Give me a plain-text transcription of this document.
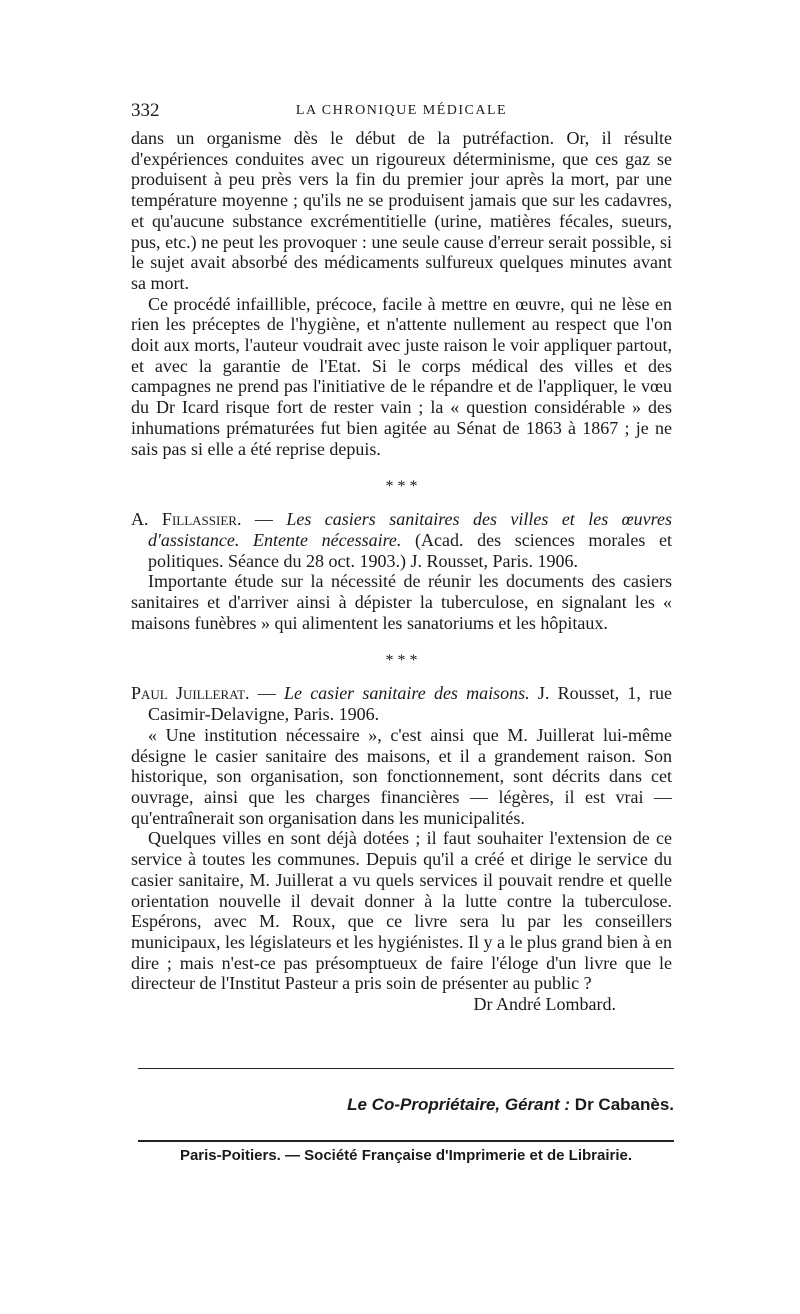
332	LA CHRONIQUE MÉDICALE

dans un organisme dès le début de la putréfaction. Or, il résulte d'expériences conduites avec un rigoureux déterminisme, que ces gaz se produisent à peu près vers la fin du premier jour après la mort, par une température moyenne ; qu'ils ne se produisent jamais que sur les cadavres, et qu'aucune substance excrémentitielle (urine, matières fécales, sueurs, pus, etc.) ne peut les provoquer : une seule cause d'erreur serait possible, si le sujet avait absorbé des médicaments sulfureux quelques minutes avant sa mort.

Ce procédé infaillible, précoce, facile à mettre en œuvre, qui ne lèse en rien les préceptes de l'hygiène, et n'attente nullement au respect que l'on doit aux morts, l'auteur voudrait avec juste raison le voir appliquer partout, et avec la garantie de l'Etat. Si le corps médical des villes et des campagnes ne prend pas l'initiative de le répandre et de l'appliquer, le vœu du Dr Icard risque fort de rester vain ; la « question considérable » des inhumations prématurées fut bien agitée au Sénat de 1863 à 1867 ; je ne sais pas si elle a été reprise depuis.

* * *

A. Fillassier. — Les casiers sanitaires des villes et les œuvres d'assistance. Entente nécessaire. (Acad. des sciences morales et politiques. Séance du 28 oct. 1903.) J. Rousset, Paris. 1906.

Importante étude sur la nécessité de réunir les documents des casiers sanitaires et d'arriver ainsi à dépister la tuberculose, en signalant les « maisons funèbres » qui alimentent les sanatoriums et les hôpitaux.

* * *

Paul Juillerat. — Le casier sanitaire des maisons. J. Rousset, 1, rue Casimir-Delavigne, Paris. 1906.

« Une institution nécessaire », c'est ainsi que M. Juillerat lui-même désigne le casier sanitaire des maisons, et il a grandement raison. Son historique, son organisation, son fonctionnement, sont décrits dans cet ouvrage, ainsi que les charges financières — légères, il est vrai — qu'entraînerait son organisation dans les municipalités.

Quelques villes en sont déjà dotées ; il faut souhaiter l'extension de ce service à toutes les communes. Depuis qu'il a créé et dirige le service du casier sanitaire, M. Juillerat a vu quels services il pouvait rendre et quelle orientation nouvelle il devait donner à la lutte contre la tuberculose. Espérons, avec M. Roux, que ce livre sera lu par les conseillers municipaux, les législateurs et les hygiénistes. Il y a le plus grand bien à en dire ; mais n'est-ce pas présomptueux de faire l'éloge d'un livre que le directeur de l'Institut Pasteur a pris soin de présenter au public ?

Dr André Lombard.

Le Co-Propriétaire, Gérant : Dr Cabanès.
Paris-Poitiers. — Société Française d'Imprimerie et de Librairie.
